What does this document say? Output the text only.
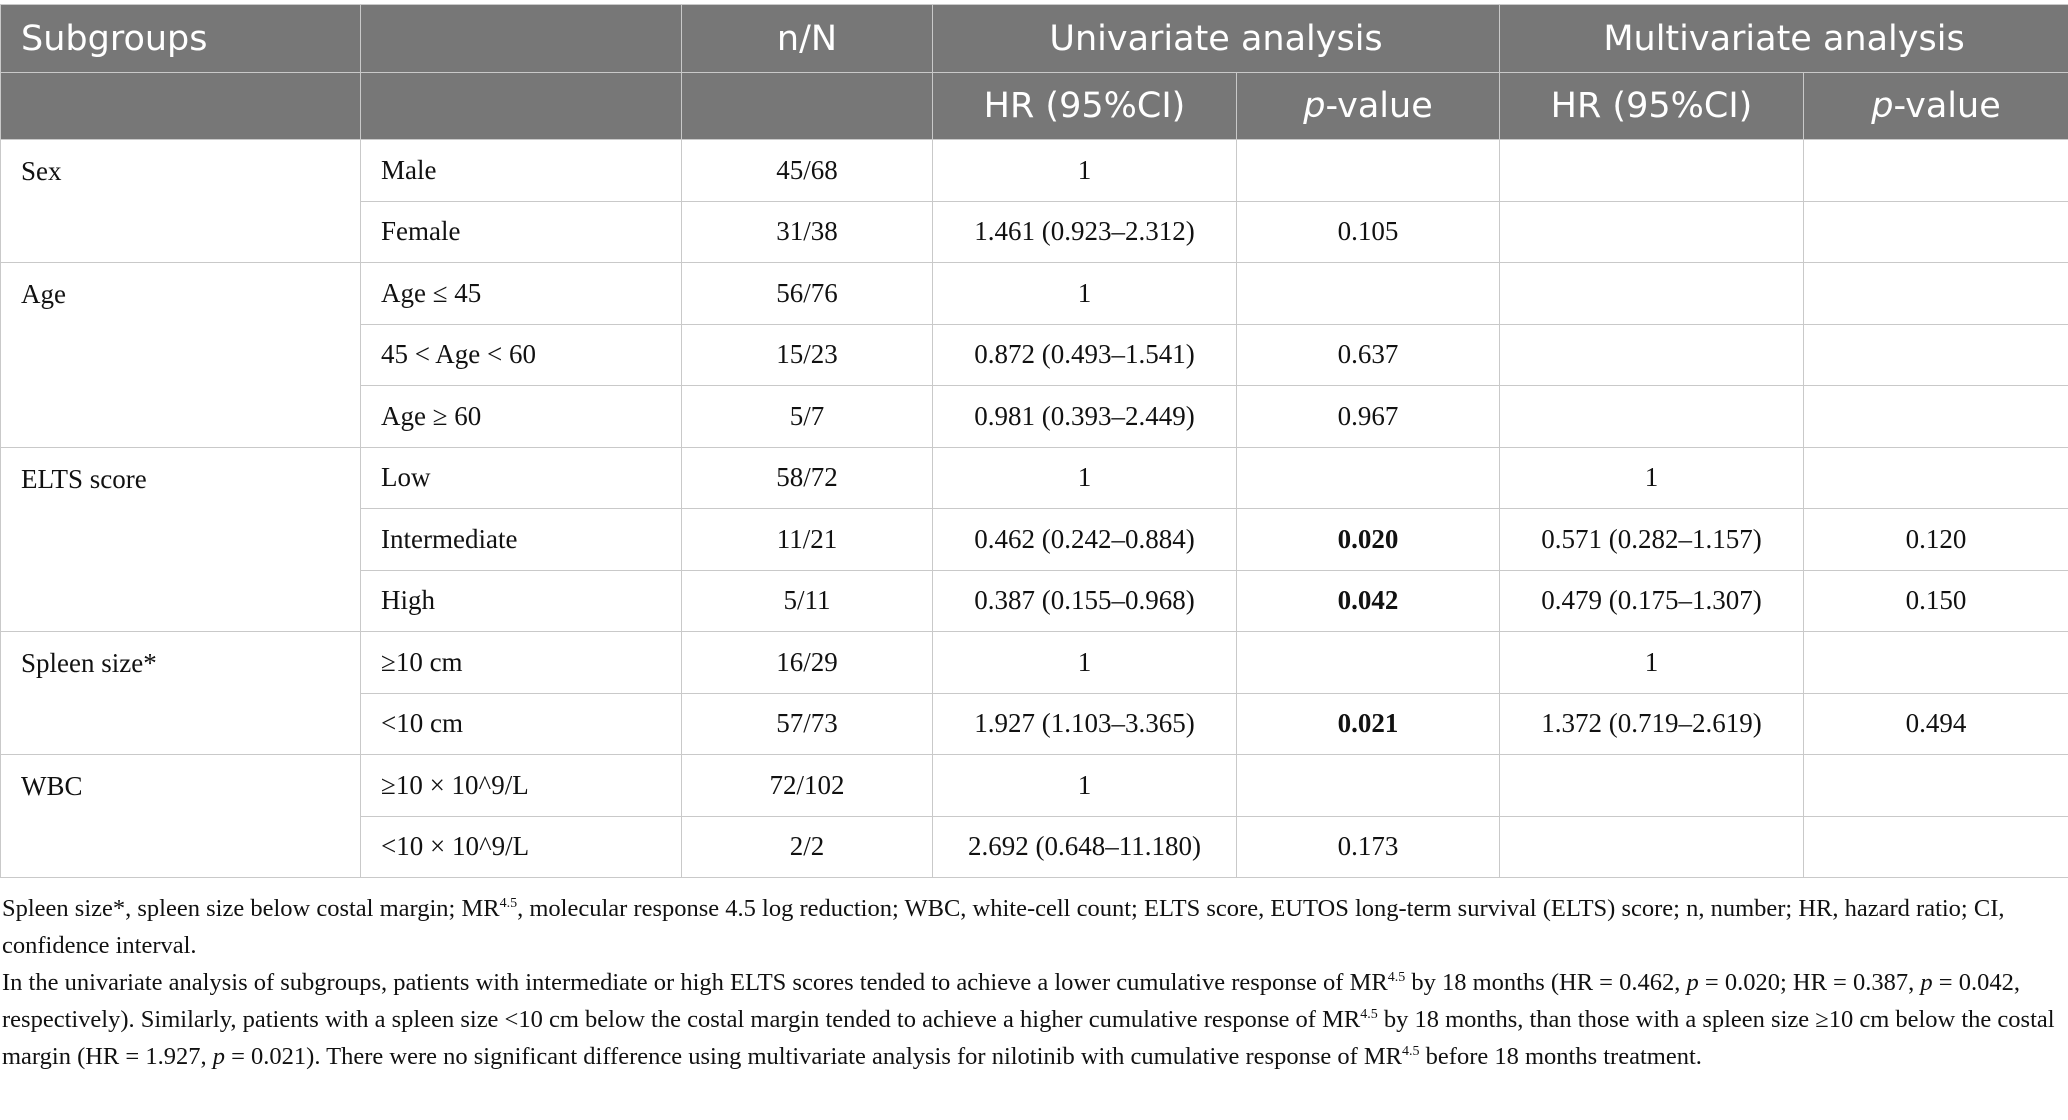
Subgroups		n/N	Univariate analysis		Multivariate analysis	
			HR (95%CI)	p-value	HR (95%CI)	p-value
Sex	Male	45/68	1			
	Female	31/38	1.461 (0.923–2.312)	0.105		
Age	Age ≤ 45	56/76	1			
	45 < Age < 60	15/23	0.872 (0.493–1.541)	0.637		
	Age ≥ 60	5/7	0.981 (0.393–2.449)	0.967		
ELTS score	Low	58/72	1		1	
	Intermediate	11/21	0.462 (0.242–0.884)	0.020	0.571 (0.282–1.157)	0.120
	High	5/11	0.387 (0.155–0.968)	0.042	0.479 (0.175–1.307)	0.150
Spleen size*	≥10 cm	16/29	1		1	
	<10 cm	57/73	1.927 (1.103–3.365)	0.021	1.372 (0.719–2.619)	0.494
WBC	≥10 × 10^9/L	72/102	1			
	<10 × 10^9/L	2/2	2.692 (0.648–11.180)	0.173		

Spleen size*, spleen size below costal margin; $MR^{4.5}$, molecular response 4.5 log reduction; WBC, white-cell count; ELTS score, EUTOS long-term survival (ELTS) score; n, number; HR, hazard ratio; CI, confidence interval.

In the univariate analysis of subgroups, patients with intermediate or high ELTS scores tended to achieve a lower cumulative response of $MR^{4.5}$ by 18 months (HR = 0.462, p = 0.020; HR = 0.387, p = 0.042, respectively). Similarly, patients with a spleen size <10 cm below the costal margin tended to achieve a higher cumulative response of $MR^{4.5}$ by 18 months, than those with a spleen size ≥10 cm below the costal margin (HR = 1.927, p = 0.021). There were no significant difference using multivariate analysis for nilotinib with cumulative response of $MR^{4.5}$ before 18 months treatment.
